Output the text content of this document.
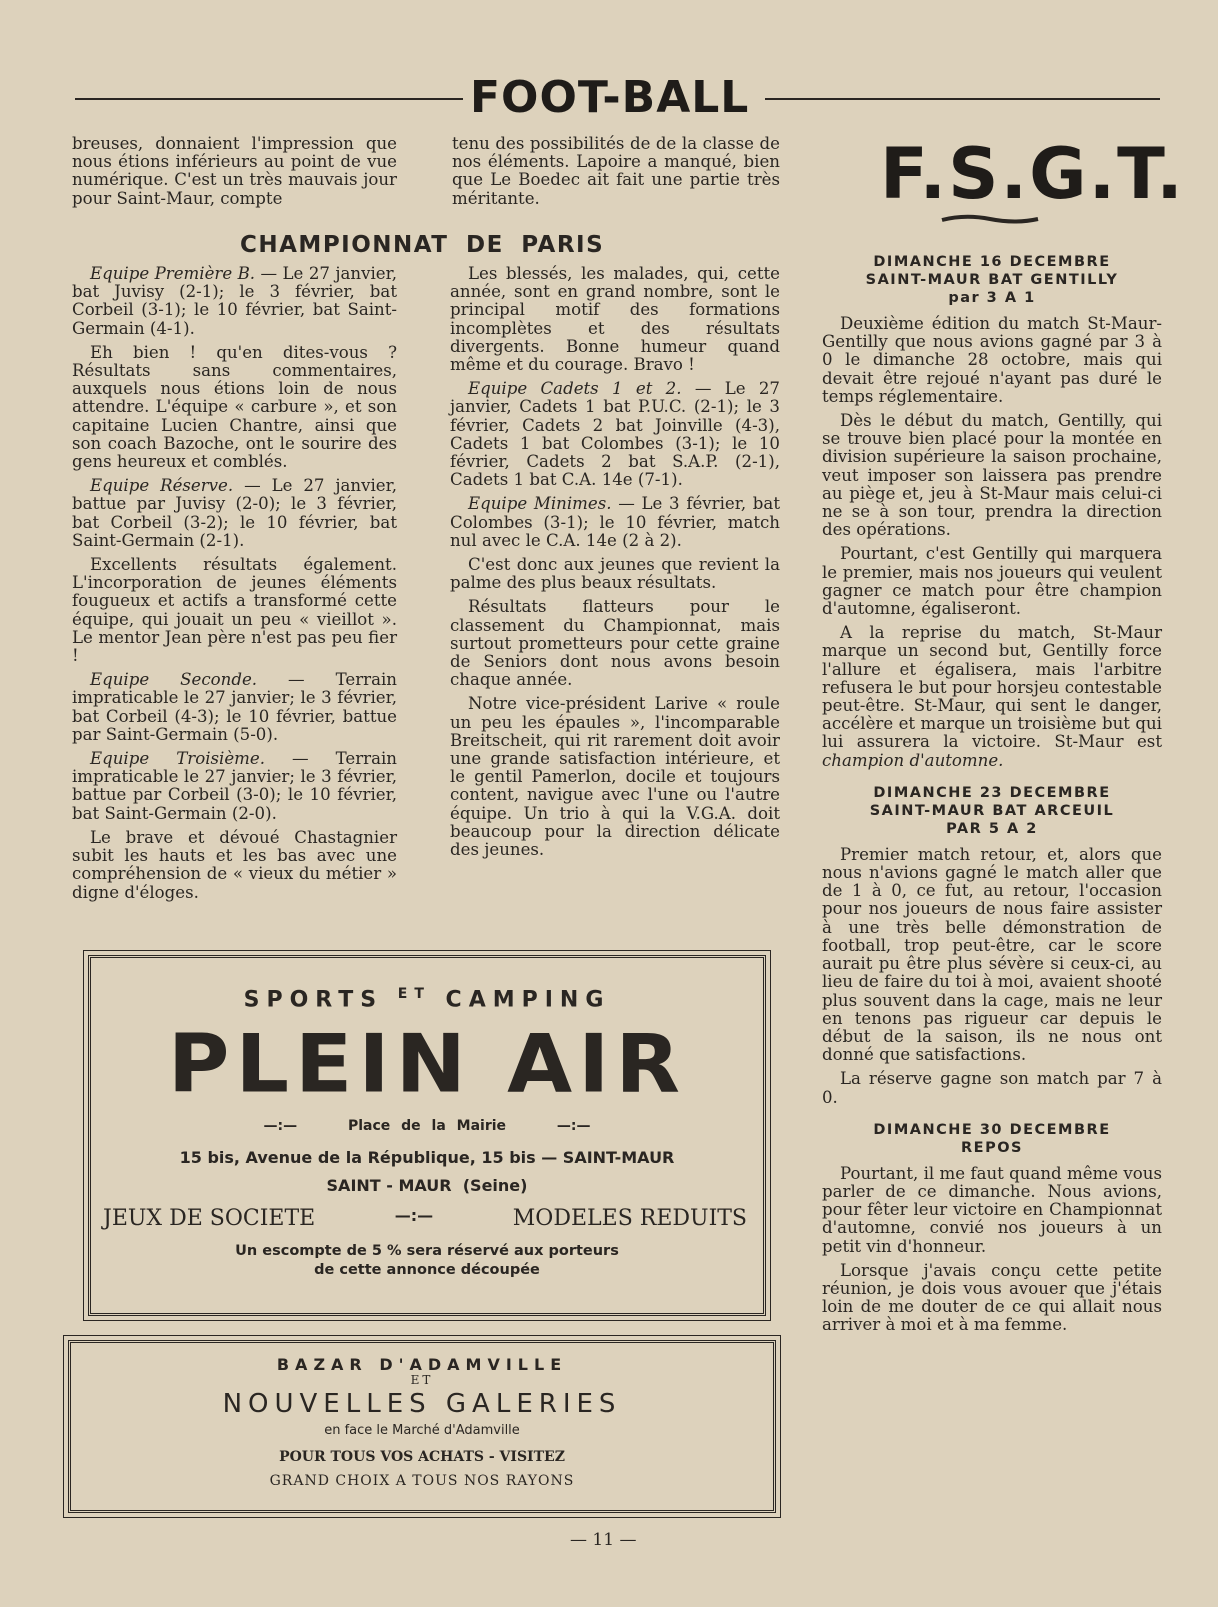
FOOT-BALL
breuses, donnaient l'impression que nous étions inférieurs au point de vue numérique. C'est un très mauvais jour pour Saint-Maur, compte
tenu des possibilités de de la classe de nos éléments. Lapoire a manqué, bien que Le Boedec ait fait une partie très méritante.
CHAMPIONNAT DE PARIS

Equipe Première B. — Le 27 janvier, bat Juvisy (2-1); le 3 février, bat Corbeil (3-1); le 10 février, bat Saint-Germain (4-1).

Eh bien ! qu'en dites-vous ? Résultats sans commentaires, auxquels nous étions loin de nous attendre. L'équipe « carbure », et son capitaine Lucien Chantre, ainsi que son coach Bazoche, ont le sourire des gens heureux et comblés.

Equipe Réserve. — Le 27 janvier, battue par Juvisy (2-0); le 3 février, bat Corbeil (3-2); le 10 février, bat Saint-Germain (2-1).

Excellents résultats également. L'incorporation de jeunes éléments fougueux et actifs a transformé cette équipe, qui jouait un peu « vieillot ». Le mentor Jean père n'est pas peu fier !

Equipe Seconde. — Terrain impraticable le 27 janvier; le 3 février, bat Corbeil (4-3); le 10 février, battue par Saint-Germain (5-0).

Equipe Troisième. — Terrain impraticable le 27 janvier; le 3 février, battue par Corbeil (3-0); le 10 février, bat Saint-Germain (2-0).

Le brave et dévoué Chastagnier subit les hauts et les bas avec une compréhension de « vieux du métier » digne d'éloges.

Les blessés, les malades, qui, cette année, sont en grand nombre, sont le principal motif des formations incomplètes et des résultats divergents. Bonne humeur quand même et du courage. Bravo !

Equipe Cadets 1 et 2. — Le 27 janvier, Cadets 1 bat P.U.C. (2-1); le 3 février, Cadets 2 bat Joinville (4-3), Cadets 1 bat Colombes (3-1); le 10 février, Cadets 2 bat S.A.P. (2-1), Cadets 1 bat C.A. 14e (7-1).

Equipe Minimes. — Le 3 février, bat Colombes (3-1); le 10 février, match nul avec le C.A. 14e (2 à 2).

C'est donc aux jeunes que revient la palme des plus beaux résultats.

Résultats flatteurs pour le classement du Championnat, mais surtout prometteurs pour cette graine de Seniors dont nous avons besoin chaque année.

Notre vice-président Larive « roule un peu les épaules », l'incomparable Breitscheit, qui rit rarement doit avoir une grande satisfaction intérieure, et le gentil Pamerlon, docile et toujours content, navigue avec l'une ou l'autre équipe. Un trio à qui la V.G.A. doit beaucoup pour la direction délicate des jeunes.

F.S.G.T.
DIMANCHE 16 DECEMBRE
SAINT-MAUR BAT GENTILLY
par 3 A 1

Deuxième édition du match St-Maur-Gentilly que nous avions gagné par 3 à 0 le dimanche 28 octobre, mais qui devait être rejoué n'ayant pas duré le temps réglementaire.

Dès le début du match, Gentilly, qui se trouve bien placé pour la montée en division supérieure la saison prochaine, veut imposer son laissera pas prendre au piège et, jeu à St-Maur mais celui-ci ne se à son tour, prendra la direction des opérations.

Pourtant, c'est Gentilly qui marquera le premier, mais nos joueurs qui veulent gagner ce match pour être champion d'automne, égaliseront.

A la reprise du match, St-Maur marque un second but, Gentilly force l'allure et égalisera, mais l'arbitre refusera le but pour horsjeu contestable peut-être. St-Maur, qui sent le danger, accélère et marque un troisième but qui lui assurera la victoire. St-Maur est champion d'automne.

DIMANCHE 23 DECEMBRE
SAINT-MAUR BAT ARCEUIL
PAR 5 A 2

Premier match retour, et, alors que nous n'avions gagné le match aller que de 1 à 0, ce fut, au retour, l'occasion pour nos joueurs de nous faire assister à une très belle démonstration de football, trop peut-être, car le score aurait pu être plus sévère si ceux-ci, au lieu de faire du toi à moi, avaient shooté plus souvent dans la cage, mais ne leur en tenons pas rigueur car depuis le début de la saison, ils ne nous ont donné que satisfactions.

La réserve gagne son match par 7 à 0.

DIMANCHE 30 DECEMBRE
REPOS

Pourtant, il me faut quand même vous parler de ce dimanche. Nous avions, pour fêter leur victoire en Championnat d'automne, convié nos joueurs à un petit vin d'honneur.

Lorsque j'avais conçu cette petite réunion, je dois vous avouer que j'étais loin de me douter de ce qui allait nous arriver à moi et à ma femme.

SPORTS $^{ET}$ CAMPING
PLEIN AIR
—:—	Place de la Mairie	—:—
15 bis, Avenue de la République, 15 bis — SAINT-MAUR
SAINT - MAUR  (Seine)
JEUX DE SOCIETE	—:—	MODELES REDUITS
Un escompte de 5 % sera réservé aux porteurs
de cette annonce découpée
BAZAR D'ADAMVILLE
ET
NOUVELLES GALERIES
en face le Marché d'Adamville
POUR TOUS VOS ACHATS - VISITEZ
GRAND CHOIX A TOUS NOS RAYONS
— 11 —
